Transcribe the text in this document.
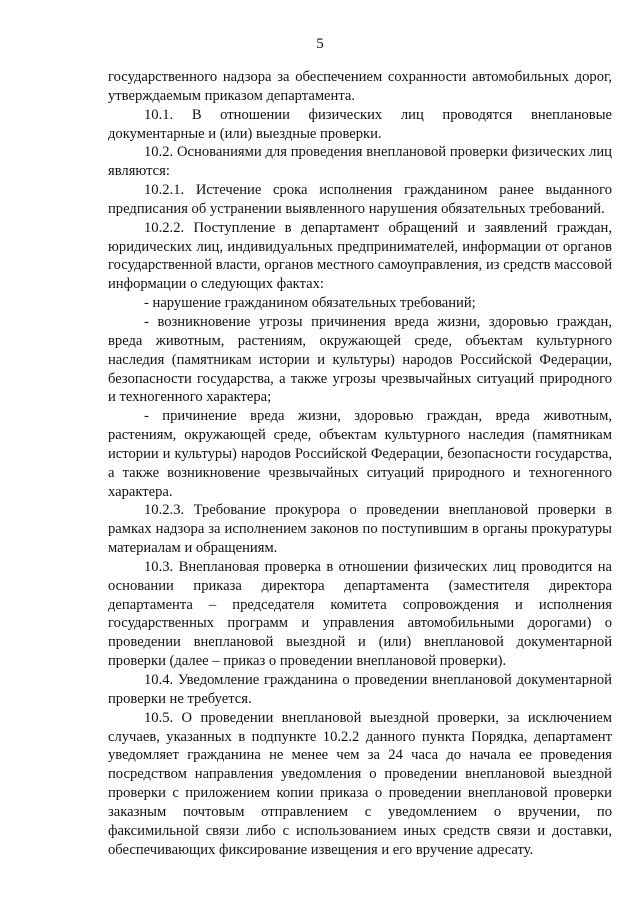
5

государственного надзора за обеспечением сохранности автомобильных дорог, утверждаемым приказом департамента.

10.1. В отношении физических лиц проводятся внеплановые документарные и (или) выездные проверки.

10.2. Основаниями для проведения внеплановой проверки физических лиц являются:

10.2.1. Истечение срока исполнения гражданином ранее выданного предписания об устранении выявленного нарушения обязательных требований.

10.2.2. Поступление в департамент обращений и заявлений граждан, юридических лиц, индивидуальных предпринимателей, информации от органов государственной власти, органов местного самоуправления, из средств массовой информации о следующих фактах:

- нарушение гражданином обязательных требований;

- возникновение угрозы причинения вреда жизни, здоровью граждан, вреда животным, растениям, окружающей среде, объектам культурного наследия (памятникам истории и культуры) народов Российской Федерации, безопасности государства, а также угрозы чрезвычайных ситуаций природного и техногенного характера;

- причинение вреда жизни, здоровью граждан, вреда животным, растениям, окружающей среде, объектам культурного наследия (памятникам истории и культуры) народов Российской Федерации, безопасности государства, а также возникновение чрезвычайных ситуаций природного и техногенного характера.

10.2.3. Требование прокурора о проведении внеплановой проверки в рамках надзора за исполнением законов по поступившим в органы прокуратуры материалам и обращениям.

10.3. Внеплановая проверка в отношении физических лиц проводится на основании приказа директора департамента (заместителя директора департамента – председателя комитета сопровождения и исполнения государственных программ и управления автомобильными дорогами) о проведении внеплановой выездной и (или) внеплановой документарной проверки (далее – приказ о проведении внеплановой проверки).

10.4. Уведомление гражданина о проведении внеплановой документарной проверки не требуется.

10.5. О проведении внеплановой выездной проверки, за исключением случаев, указанных в подпункте 10.2.2 данного пункта Порядка, департамент уведомляет гражданина не менее чем за 24 часа до начала ее проведения посредством направления уведомления о проведении внеплановой выездной проверки с приложением копии приказа о проведении внеплановой проверки заказным почтовым отправлением с уведомлением о вручении, по факсимильной связи либо с использованием иных средств связи и доставки, обеспечивающих фиксирование извещения и его вручение адресату.
